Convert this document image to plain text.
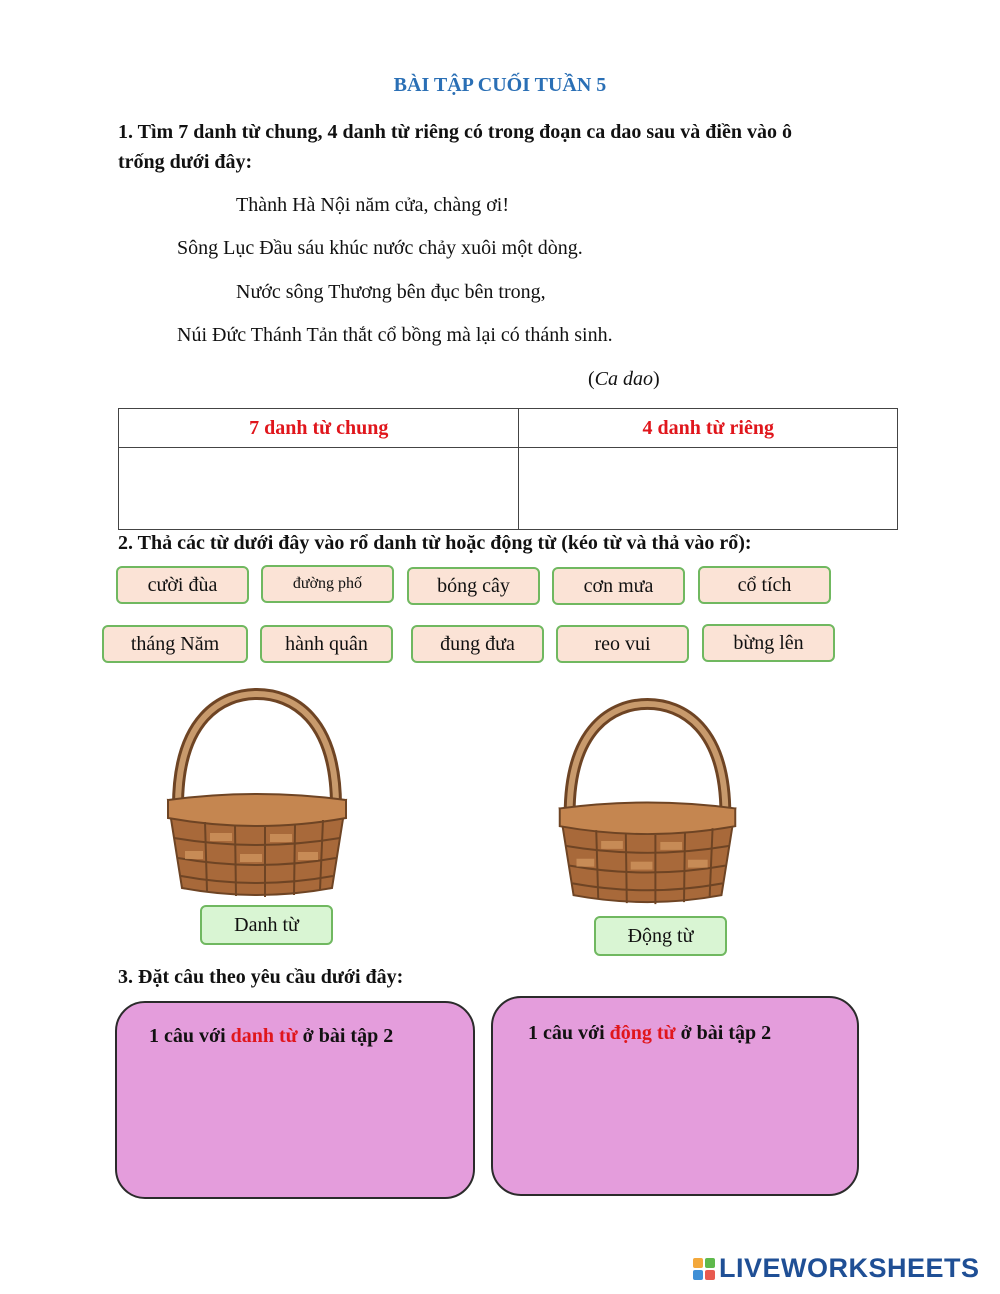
BÀI TẬP CUỐI TUẦN 5
1. Tìm 7 danh từ chung, 4 danh từ riêng có trong đoạn ca dao sau và điền vào ô
trống dưới đây:
Thành Hà Nội năm cửa, chàng ơi!
Sông Lục Đầu sáu khúc nước chảy xuôi một dòng.
Nước sông Thương bên đục bên trong,
Núi Đức Thánh Tản thắt cổ bồng mà lại có thánh sinh.
(Ca dao)
7 danh từ chung	4 danh từ riêng

2. Thả các từ dưới đây vào rổ danh từ hoặc động từ (kéo từ và thả vào rổ):
cười đùa	đường phố	bóng cây	cơn mưa	cổ tích
tháng Năm	hành quân	đung đưa	reo vui	bừng lên
Danh từ	Động từ
3. Đặt câu theo yêu cầu dưới đây:
1 câu với danh từ ở bài tập 2	1 câu với động từ ở bài tập 2
LIVEWORKSHEETS
